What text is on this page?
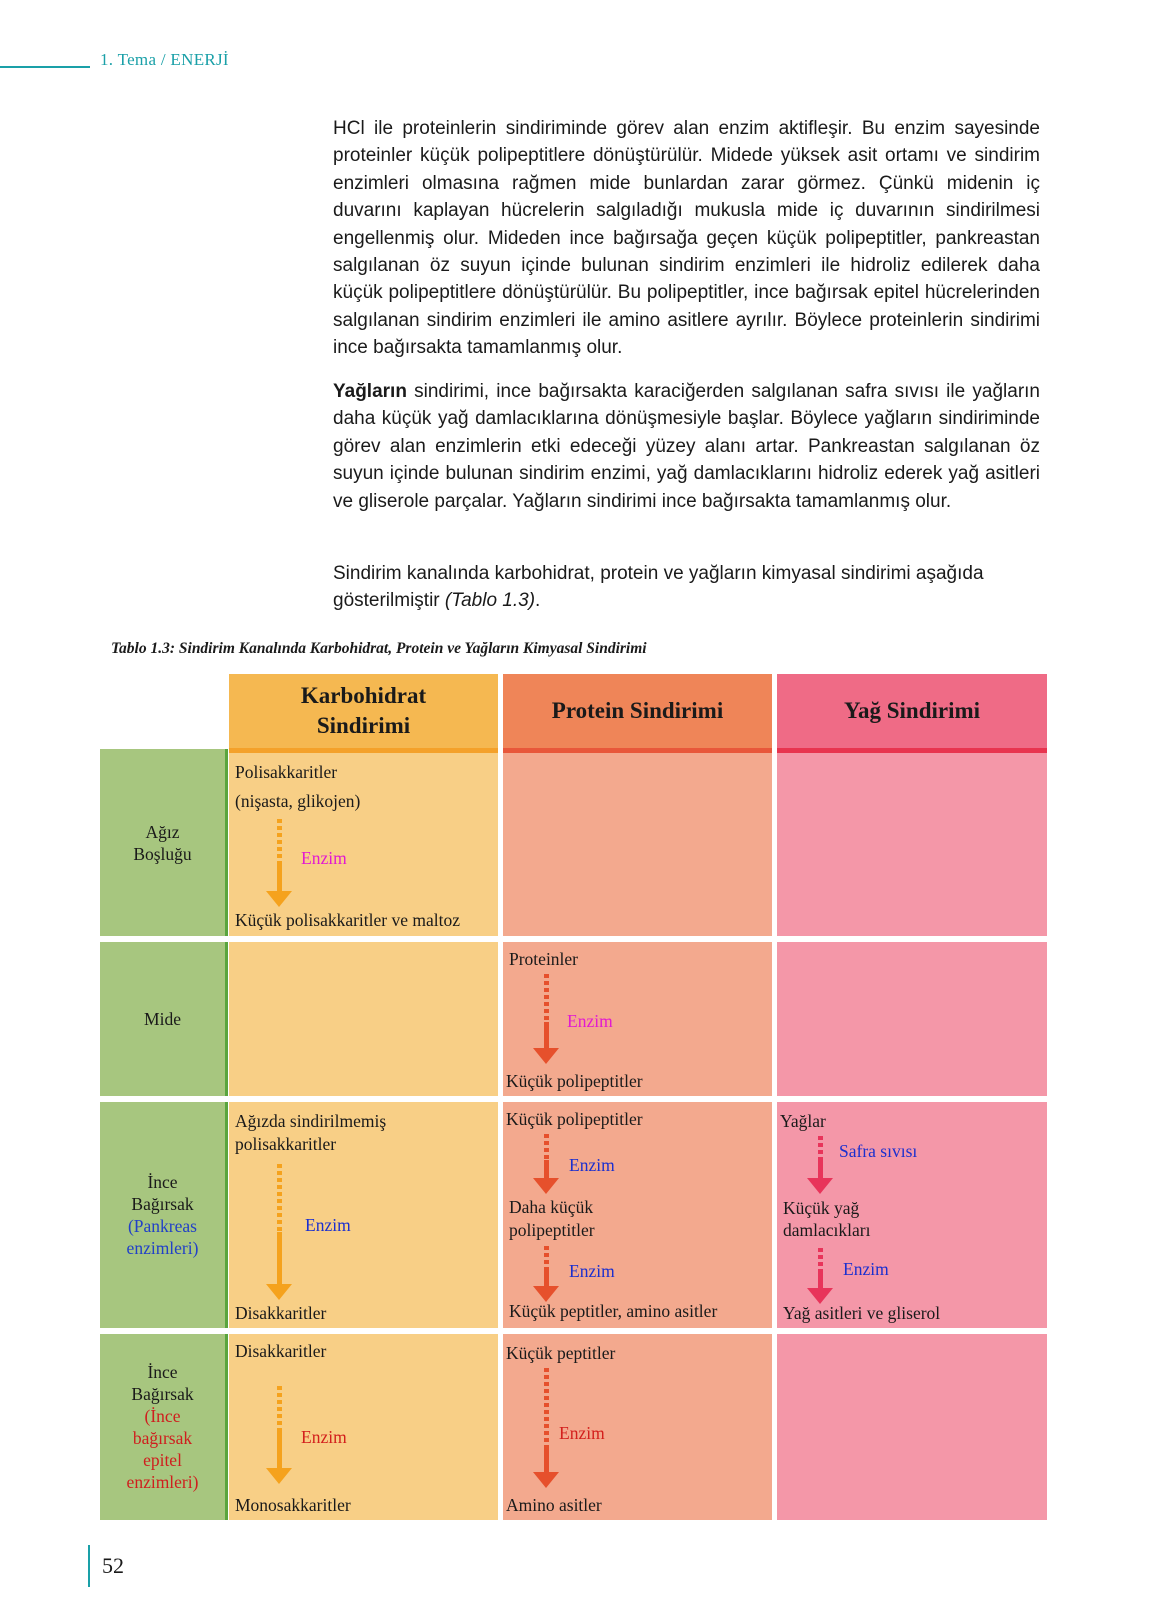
1. Tema / ENERJİ

HCl ile proteinlerin sindiriminde görev alan enzim aktifleşir. Bu enzim sayesinde proteinler küçük polipeptitlere dönüştürülür. Midede yüksek asit ortamı ve sindirim enzimleri olmasına rağmen mide bunlardan zarar görmez. Çünkü midenin iç duvarını kaplayan hücrelerin salgıladığı mukusla mide iç duvarının sindirilmesi engellenmiş olur. Mideden ince bağırsağa geçen küçük polipeptitler, pankreastan salgılanan öz suyun içinde bulunan sindirim enzimleri ile hidroliz edilerek daha küçük polipeptitlere dönüştürülür. Bu polipeptitler, ince bağırsak epitel hücrelerinden salgılanan sindirim enzimleri ile amino asitlere ayrılır. Böylece proteinlerin sindirimi ince bağırsakta tamamlanmış olur.

Yağların sindirimi, ince bağırsakta karaciğerden salgılanan safra sıvısı ile yağların daha küçük yağ damlacıklarına dönüşmesiyle başlar. Böylece yağların sindiriminde görev alan enzimlerin etki edeceği yüzey alanı artar. Pankreastan salgılanan öz suyun içinde bulunan sindirim enzimi, yağ damlacıklarını hidroliz ederek yağ asitleri ve gliserole parçalar. Yağların sindirimi ince bağırsakta tamamlanmış olur.

Sindirim kanalında karbohidrat, protein ve yağların kimyasal sindirimi aşağıda gösterilmiştir (Tablo 1.3).

Tablo 1.3: Sindirim Kanalında Karbohidrat, Protein ve Yağların Kimyasal Sindirimi
Karbohidrat
Sindirimi
Protein Sindirimi	Yağ Sindirimi
Ağız
Boşluğu
Polisakkaritler
(nişasta, glikojen)
Enzim
Küçük polisakkaritler ve maltoz
Mide
Proteinler
Enzim
Küçük polipeptitler
İnce
Bağırsak
(Pankreas
enzimleri)
Ağızda sindirilmemiş
polisakkaritler
Enzim
Disakkaritler
Küçük polipeptitler
Enzim
Daha küçük
polipeptitler
Enzim
Küçük peptitler, amino asitler
Yağlar
Safra sıvısı
Küçük yağ
damlacıkları
Enzim
Yağ asitleri ve gliserol
İnce
Bağırsak
(İnce
bağırsak
epitel
enzimleri)
Disakkaritler
Enzim
Monosakkaritler
Küçük peptitler
Enzim
Amino asitler
52
